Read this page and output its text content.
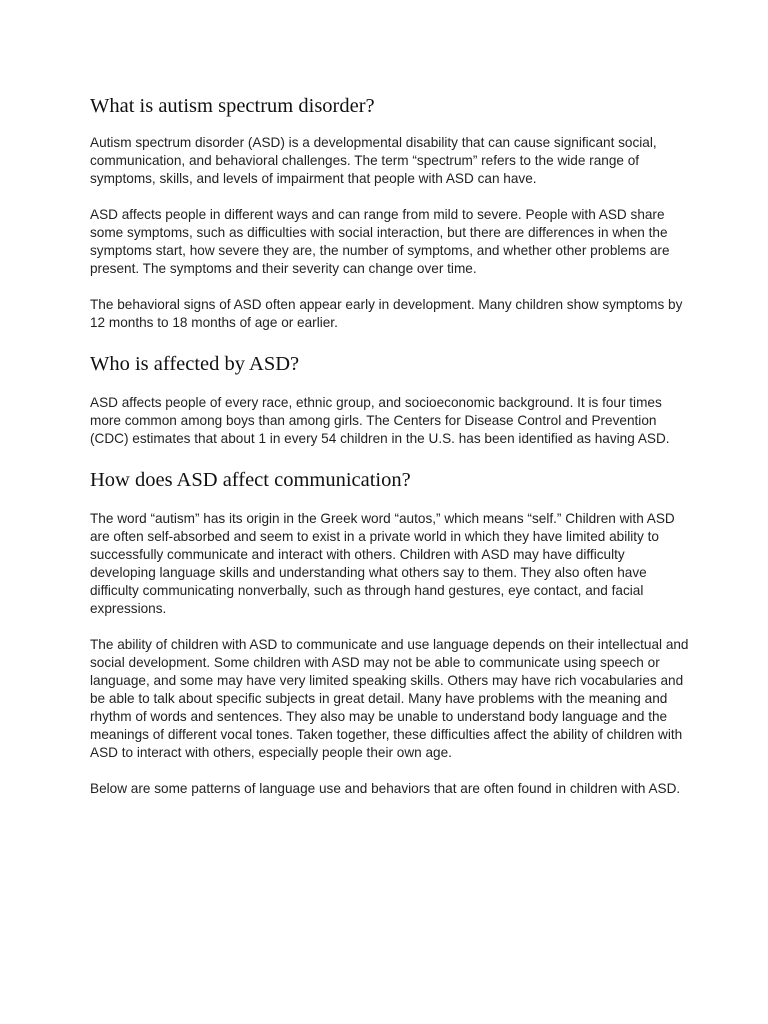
What is autism spectrum disorder?

Autism spectrum disorder (ASD) is a developmental disability that can cause significant social, communication, and behavioral challenges. The term “spectrum” refers to the wide range of symptoms, skills, and levels of impairment that people with ASD can have.

ASD affects people in different ways and can range from mild to severe. People with ASD share some symptoms, such as difficulties with social interaction, but there are differences in when the symptoms start, how severe they are, the number of symptoms, and whether other problems are present. The symptoms and their severity can change over time.

The behavioral signs of ASD often appear early in development. Many children show symptoms by 12 months to 18 months of age or earlier.

Who is affected by ASD?

ASD affects people of every race, ethnic group, and socioeconomic background. It is four times more common among boys than among girls. The Centers for Disease Control and Prevention (CDC) estimates that about 1 in every 54 children in the U.S. has been identified as having ASD.

How does ASD affect communication?

The word “autism” has its origin in the Greek word “autos,” which means “self.” Children with ASD are often self-absorbed and seem to exist in a private world in which they have limited ability to successfully communicate and interact with others. Children with ASD may have difficulty developing language skills and understanding what others say to them. They also often have difficulty communicating nonverbally, such as through hand gestures, eye contact, and facial expressions.

The ability of children with ASD to communicate and use language depends on their intellectual and social development. Some children with ASD may not be able to communicate using speech or language, and some may have very limited speaking skills. Others may have rich vocabularies and be able to talk about specific subjects in great detail. Many have problems with the meaning and rhythm of words and sentences. They also may be unable to understand body language and the meanings of different vocal tones. Taken together, these difficulties affect the ability of children with ASD to interact with others, especially people their own age.

Below are some patterns of language use and behaviors that are often found in children with ASD.
